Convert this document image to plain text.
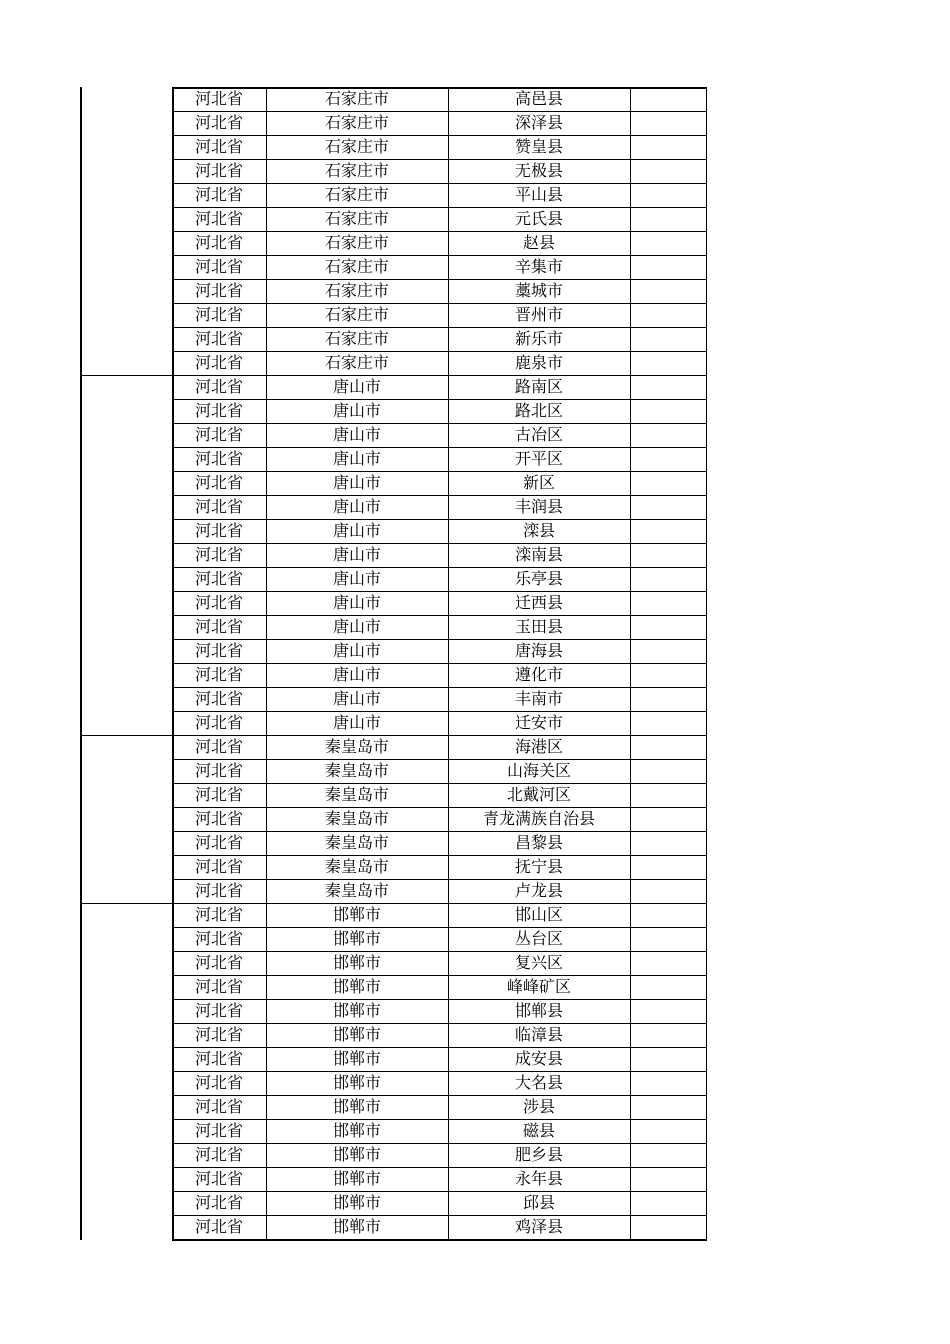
河北省	石家庄市	高邑县
河北省	石家庄市	深泽县
河北省	石家庄市	赞皇县
河北省	石家庄市	无极县
河北省	石家庄市	平山县
河北省	石家庄市	元氏县
河北省	石家庄市	赵县
河北省	石家庄市	辛集市
河北省	石家庄市	藁城市
河北省	石家庄市	晋州市
河北省	石家庄市	新乐市
河北省	石家庄市	鹿泉市
河北省	唐山市	路南区
河北省	唐山市	路北区
河北省	唐山市	古冶区
河北省	唐山市	开平区
河北省	唐山市	新区
河北省	唐山市	丰润县
河北省	唐山市	滦县
河北省	唐山市	滦南县
河北省	唐山市	乐亭县
河北省	唐山市	迁西县
河北省	唐山市	玉田县
河北省	唐山市	唐海县
河北省	唐山市	遵化市
河北省	唐山市	丰南市
河北省	唐山市	迁安市
河北省	秦皇岛市	海港区
河北省	秦皇岛市	山海关区
河北省	秦皇岛市	北戴河区
河北省	秦皇岛市	青龙满族自治县
河北省	秦皇岛市	昌黎县
河北省	秦皇岛市	抚宁县
河北省	秦皇岛市	卢龙县
河北省	邯郸市	邯山区
河北省	邯郸市	丛台区
河北省	邯郸市	复兴区
河北省	邯郸市	峰峰矿区
河北省	邯郸市	邯郸县
河北省	邯郸市	临漳县
河北省	邯郸市	成安县
河北省	邯郸市	大名县
河北省	邯郸市	涉县
河北省	邯郸市	磁县
河北省	邯郸市	肥乡县
河北省	邯郸市	永年县
河北省	邯郸市	邱县
河北省	邯郸市	鸡泽县
